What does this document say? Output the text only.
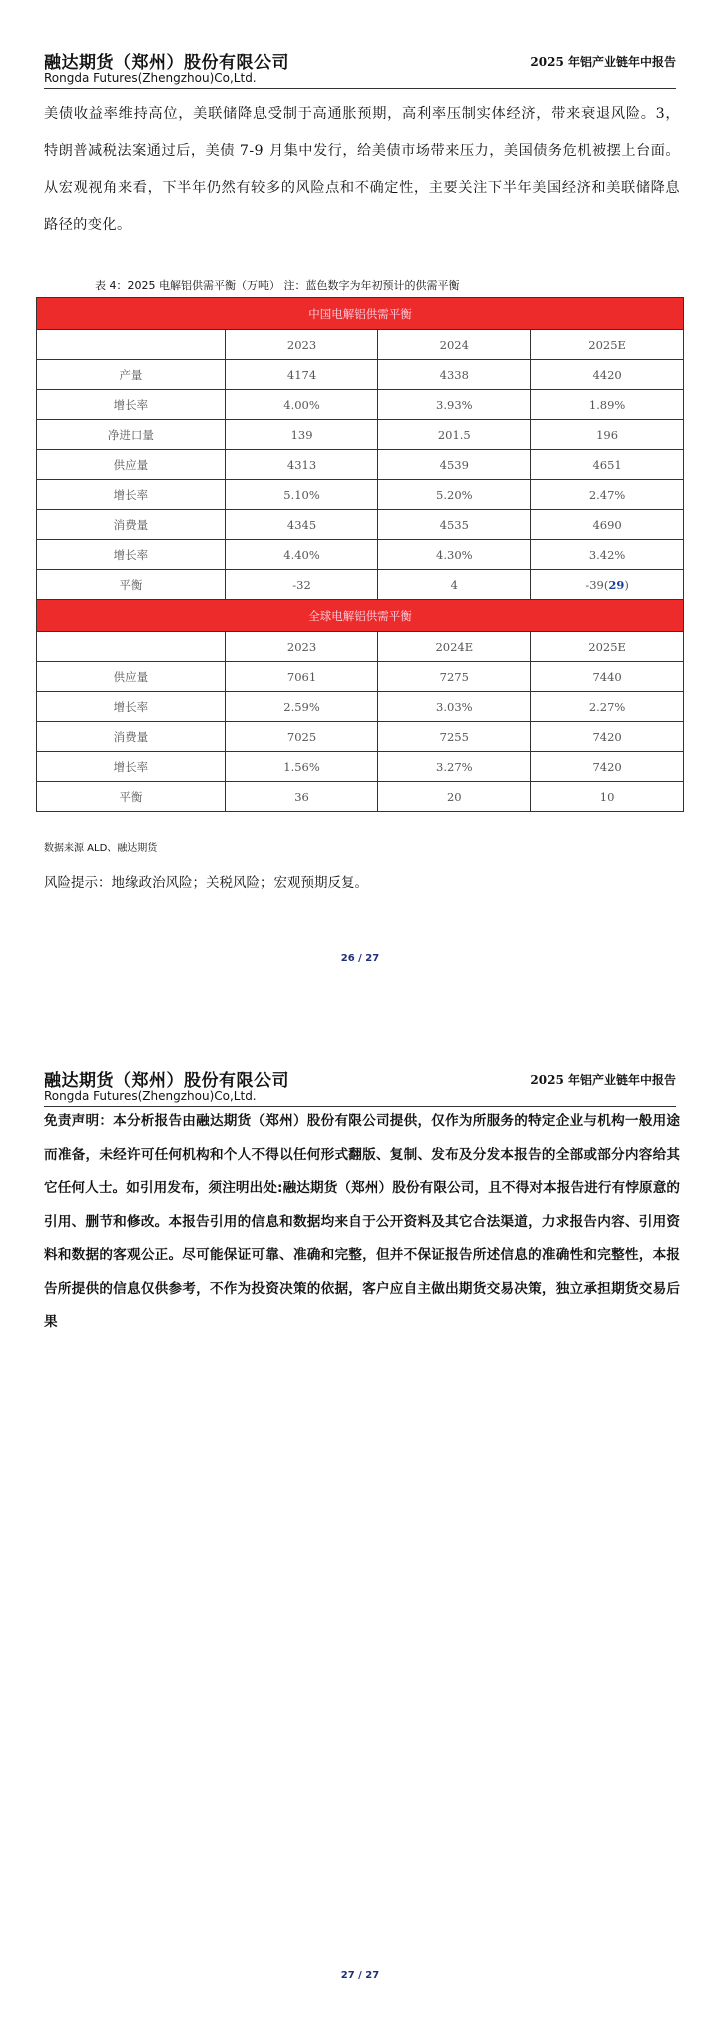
融达期货（郑州）股份有限公司
Rongda Futures(Zhengzhou)Co,Ltd.
2025 年铝产业链年中报告

美债收益率维持高位，美联储降息受制于高通胀预期，高利率压制实体经济，带来衰退风险。3，特朗普减税法案通过后，美债 7-9 月集中发行，给美债市场带来压力，美国债务危机被摆上台面。从宏观视角来看，下半年仍然有较多的风险点和不确定性，主要关注下半年美国经济和美联储降息路径的变化。

表 4：2025 电解铝供需平衡（万吨） 注：蓝色数字为年初预计的供需平衡
中国电解铝供需平衡			
	2023	2024	2025E
产量	4174	4338	4420
增长率	4.00%	3.93%	1.89%
净进口量	139	201.5	196
供应量	4313	4539	4651
增长率	5.10%	5.20%	2.47%
消费量	4345	4535	4690
增长率	4.40%	4.30%	3.42%
平衡	-32	4	-39(29)
全球电解铝供需平衡			
	2023	2024E	2025E
供应量	7061	7275	7440
增长率	2.59%	3.03%	2.27%
消费量	7025	7255	7420
增长率	1.56%	3.27%	7420
平衡	36	20	10
数据来源 ALD、融达期货
风险提示：地缘政治风险；关税风险；宏观预期反复。
26 / 27
融达期货（郑州）股份有限公司
Rongda Futures(Zhengzhou)Co,Ltd.
2025 年铝产业链年中报告

免责声明：本分析报告由融达期货（郑州）股份有限公司提供，仅作为所服务的特定企业与机构一般用途而准备，未经许可任何机构和个人不得以任何形式翻版、复制、发布及分发本报告的全部或部分内容给其它任何人士。如引用发布，须注明出处:融达期货（郑州）股份有限公司，且不得对本报告进行有悖原意的引用、删节和修改。本报告引用的信息和数据均来自于公开资料及其它合法渠道，力求报告内容、引用资料和数据的客观公正。尽可能保证可靠、准确和完整，但并不保证报告所述信息的准确性和完整性，本报告所提供的信息仅供参考，不作为投资决策的依据，客户应自主做出期货交易决策，独立承担期货交易后果

27 / 27
